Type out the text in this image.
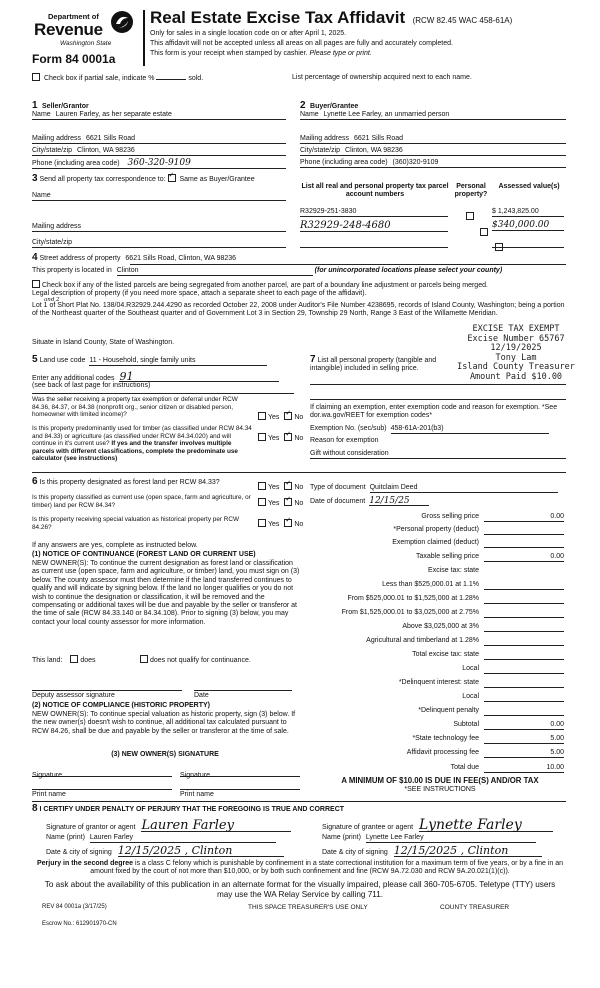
Department of
Revenue
Washington State
Form 84 0001a
Real Estate Excise Tax Affidavit (RCW 82.45 WAC 458-61A)
Only for sales in a single location code on or after April 1, 2025.
This affidavit will not be accepted unless all areas on all pages are fully and accurately completed.
This form is your receipt when stamped by cashier. Please type or print.
Check box if partial sale, indicate %	sold.	List percentage of ownership acquired next to each name.
1 Seller/Grantor
Name Lauren Farley, as her separate estate
Mailing address 6621 Sills Road
City/state/zip Clinton, WA 98236
Phone (including area code) 360-320-9109
2 Buyer/Grantee
Name Lynette Lee Farley, an unmarried person
Mailing address 6621 Sills Road
City/state/zip Clinton, WA 98236
Phone (including area code) (360)320-9109
3 Send all property tax correspondence to: ✓ Same as Buyer/Grantee
Name
Mailing address
City/state/zip
List all real and personal property tax parcel account numbers
Personal property?
Assessed value(s)
R32929-251-3830
	$ 1,243,825.00
R32929-248-4680
	$340,000.00
4 Street address of property 6621 Sills Road, Clinton, WA 98236
This property is located in Clinton	(for unincorporated locations please select your county)
Check box if any of the listed parcels are being segregated from another parcel, are part of a boundary line adjustment or parcels being merged.
Legal description of property (if you need more space, attach a separate sheet to each page of the affidavit).
and 2
Lot 1 of Short Plat No. 138/04.R32929.244.4290 as recorded October 22, 2008 under Auditor's File Number 4238695, records of Island County, Washington; being a portion of the Northeast quarter of the Southeast quarter and of Government Lot 3 in Section 29, Township 29 North, Range 3 East of the Willamette Meridian.
Situate in Island County, State of Washington.
EXCISE TAX EXEMPT
Excise Number 65767
12/19/2025
Tony Lam
Island County Treasurer
Amount Paid $10.00
5 Land use code 11 - Household, single family units
Enter any additional codes 91
(see back of last page for instructions)
Was the seller receiving a property tax exemption or deferral under RCW 84.36, 84.37, or 84.38 (nonprofit org., senior citizen or disabled person, homeowner with limited income)?	Yes ✓ No
Is this property predominantly used for timber (as classified under RCW 84.34 and 84.33) or agriculture (as classified under RCW 84.34.020) and will continue in it's current use? If yes and the transfer involves multiple parcels with different classifications, complete the predominate use calculator (see instructions)
Yes ✓ No
7 List all personal property (tangible and intangible) included in selling price.
If claiming an exemption, enter exemption code and reason for exemption. *See dor.wa.gov/REET for exemption codes*
Exemption No. (sec/sub) 458-61A-201(b3)
Reason for exemption
Gift without consideration
6 Is this property designated as forest land per RCW 84.33?
Yes ✓ No
Is this property classified as current use (open space, farm and agriculture, or timber) land per RCW 84.34?	Yes ✓ No
Is this property receiving special valuation as historical property per RCW 84.26?	Yes ✓ No
If any answers are yes, complete as instructed below.
(1) NOTICE OF CONTINUANCE (FOREST LAND OR CURRENT USE)
NEW OWNER(S): To continue the current designation as forest land or classification as current use (open space, farm and agriculture, or timber) land, you must sign on (3) below. The county assessor must then determine if the land transferred continues to qualify and will indicate by signing below. If the land no longer qualifies or you do not wish to continue the designation or classification, it will be removed and the compensating or additional taxes will be due and payable by the seller or transferor at the time of sale (RCW 84.33.140 or 84.34.108). Prior to signing (3) below, you may contact your local county assessor for more information.
This land:	does	does not qualify for continuance.
Deputy assessor signature	Date
(2) NOTICE OF COMPLIANCE (HISTORIC PROPERTY)
NEW OWNER(S): To continue special valuation as historic property, sign (3) below. If the new owner(s) doesn't wish to continue, all additional tax calculated pursuant to RCW 84.26, shall be due and payable by the seller or transferor at the time of sale.
(3) NEW OWNER(S) SIGNATURE
Signature	Signature
Print name	Print name
Type of document Quitclaim Deed
Date of document 12/15/25
Gross selling price	0.00
*Personal property (deduct)
Exemption claimed (deduct)
Taxable selling price	0.00
Excise tax: state
Less than $525,000.01 at 1.1%
From $525,000.01 to $1,525,000 at 1.28%
From $1,525,000.01 to $3,025,000 at 2.75%
Above $3,025,000 at 3%
Agricultural and timberland at 1.28%
Total excise tax: state
Local
*Delinquent interest: state
Local
*Delinquent penalty
Subtotal	0.00
*State technology fee	5.00
Affidavit processing fee	5.00
Total due	10.00
A MINIMUM OF $10.00 IS DUE IN FEE(S) AND/OR TAX
*SEE INSTRUCTIONS
8 I CERTIFY UNDER PENALTY OF PERJURY THAT THE FOREGOING IS TRUE AND CORRECT
Signature of grantor or agent Lauren Farley
Name (print) Lauren Farley
Date & city of signing 12/15/2025 , Clinton
Signature of grantee or agent Lynette Farley
Name (print) Lynette Lee Farley
Date & city of signing 12/15/2025 , Clinton
Perjury in the second degree is a class C felony which is punishable by confinement in a state correctional institution for a maximum term of five years, or by a fine in an amount fixed by the court of not more than $10,000, or by both such confinement and fine (RCW 9A.72.030 and RCW 9A.20.021(1)(c)).
To ask about the availability of this publication in an alternate format for the visually impaired, please call 360-705-6705. Teletype (TTY) users may use the WA Relay Service by calling 711.
REV 84 0001a (3/17/25)	THIS SPACE TREASURER'S USE ONLY	COUNTY TREASURER
Escrow No.: 612901970-CN
